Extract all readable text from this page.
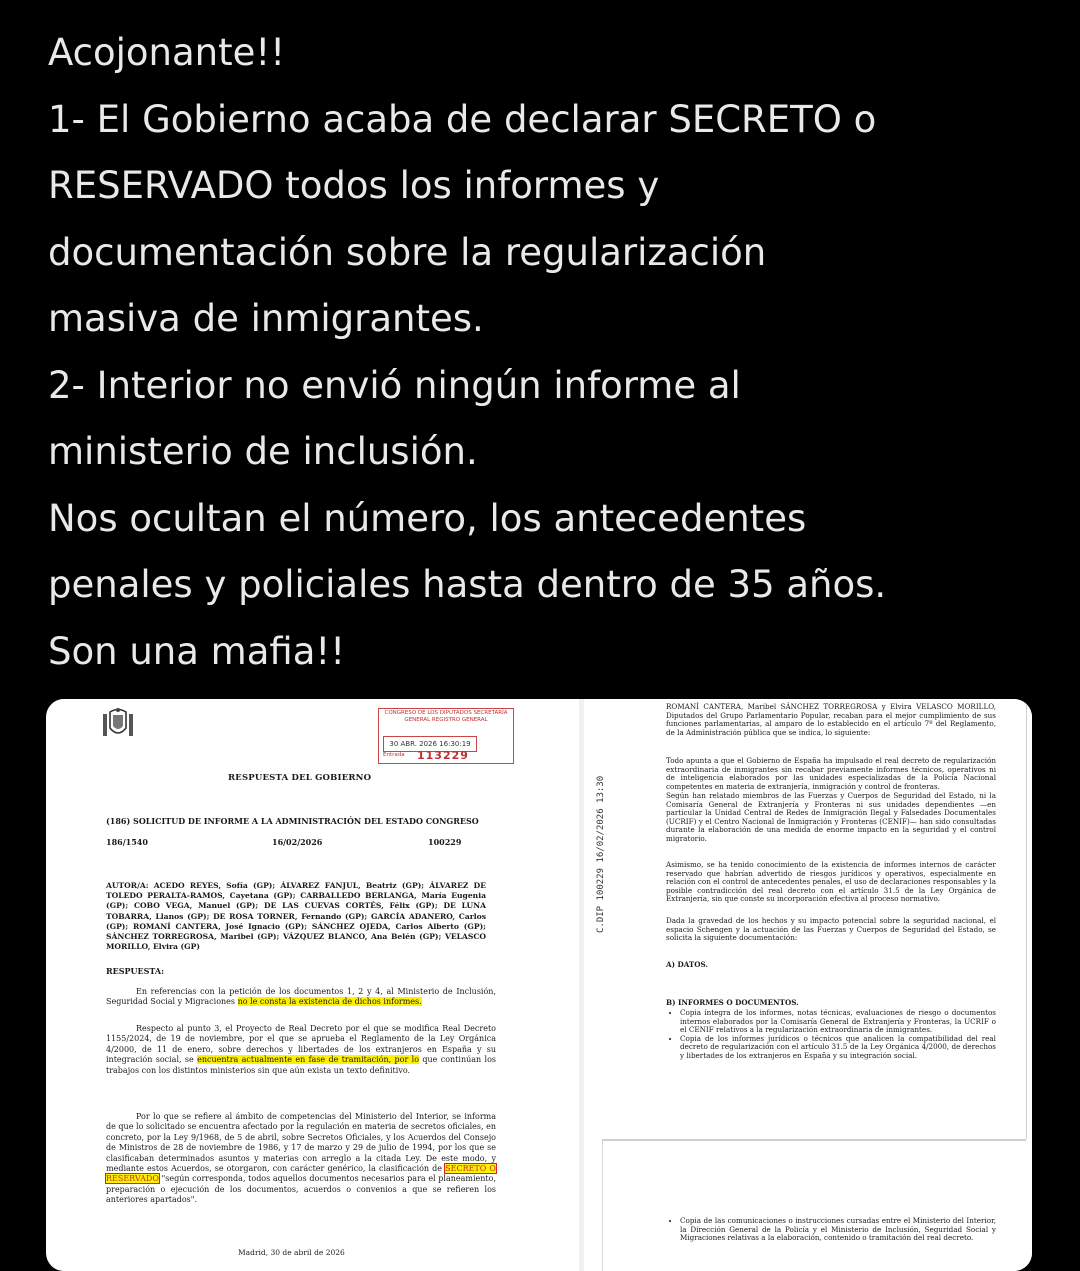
Acojonante!!

1- El Gobierno acaba de declarar SECRETO o

RESERVADO todos los informes y

documentación sobre la regularización

masiva de inmigrantes.

2- Interior no envió ningún informe al

ministerio de inclusión.

Nos ocultan el número, los antecedentes

penales y policiales hasta dentro de 35 años.

Son una mafia!!

CONGRESO DE LOS DIPUTADOS SECRETARÍA GENERAL REGISTRO GENERAL
30 ABR. 2026 16:30:19
Entrada 113229
RESPUESTA DEL GOBIERNO
(186) SOLICITUD DE INFORME A LA ADMINISTRACIÓN DEL ESTADO CONGRESO
186/1540	16/02/2026	100229
AUTOR/A: ACEDO REYES, Sofía (GP); ÁLVAREZ FANJUL, Beatriz (GP); ÁLVAREZ DE TOLEDO PERALTA-RAMOS, Cayetana (GP); CARBALLEDO BERLANGA, María Eugenia (GP); COBO VEGA, Manuel (GP); DE LAS CUEVAS CORTÉS, Félix (GP); DE LUNA TOBARRA, Llanos (GP); DE ROSA TORNER, Fernando (GP); GARCÍA ADANERO, Carlos (GP); ROMANÍ CANTERA, José Ignacio (GP); SÁNCHEZ OJEDA, Carlos Alberto (GP); SÁNCHEZ TORREGROSA, Maribel (GP); VÁZQUEZ BLANCO, Ana Belén (GP); VELASCO MORILLO, Elvira (GP)
RESPUESTA:
En referencias con la petición de los documentos 1, 2 y 4, al Ministerio de Inclusión, Seguridad Social y Migraciones no le consta la existencia de dichos informes.
Respecto al punto 3, el Proyecto de Real Decreto por el que se modifica Real Decreto 1155/2024, de 19 de noviembre, por el que se aprueba el Reglamento de la Ley Orgánica 4/2000, de 11 de enero, sobre derechos y libertades de los extranjeros en España y su integración social, se encuentra actualmente en fase de tramitación, por lo que continúan los trabajos con los distintos ministerios sin que aún exista un texto definitivo.
Por lo que se refiere al ámbito de competencias del Ministerio del Interior, se informa de que lo solicitado se encuentra afectado por la regulación en materia de secretos oficiales, en concreto, por la Ley 9/1968, de 5 de abril, sobre Secretos Oficiales, y los Acuerdos del Consejo de Ministros de 28 de noviembre de 1986, y 17 de marzo y 29 de julio de 1994, por los que se clasificaban determinados asuntos y materias con arreglo a la citada Ley. De este modo, y mediante estos Acuerdos, se otorgaron, con carácter genérico, la clasificación de SECRETO O RESERVADO "según corresponda, todos aquellos documentos necesarios para el planeamiento, preparación o ejecución de los documentos, acuerdos o convenios a que se refieren los anteriores apartados".
Madrid, 30 de abril de 2026
C.DIP 100229 16/02/2026 13:30
ROMANÍ CANTERA, Maribel SÁNCHEZ TORREGROSA y Elvira VELASCO MORILLO, Diputados del Grupo Parlamentario Popular, recaban para el mejor cumplimiento de sus funciones parlamentarias, al amparo de lo establecido en el artículo 7º del Reglamento, de la Administración pública que se indica, lo siguiente:
Todo apunta a que el Gobierno de España ha impulsado el real decreto de regularización extraordinaria de inmigrantes sin recabar previamente informes técnicos, operativos ni de inteligencia elaborados por las unidades especializadas de la Policía Nacional competentes en materia de extranjería, inmigración y control de fronteras.
Según han relatado miembros de las Fuerzas y Cuerpos de Seguridad del Estado, ni la Comisaría General de Extranjería y Fronteras ni sus unidades dependientes —en particular la Unidad Central de Redes de Inmigración Ilegal y Falsedades Documentales (UCRIF) y el Centro Nacional de Inmigración y Fronteras (CENIF)— han sido consultadas durante la elaboración de una medida de enorme impacto en la seguridad y el control migratorio.
Asimismo, se ha tenido conocimiento de la existencia de informes internos de carácter reservado que habrían advertido de riesgos jurídicos y operativos, especialmente en relación con el control de antecedentes penales, el uso de declaraciones responsables y la posible contradicción del real decreto con el artículo 31.5 de la Ley Orgánica de Extranjería, sin que conste su incorporación efectiva al proceso normativo.
Dada la gravedad de los hechos y su impacto potencial sobre la seguridad nacional, el espacio Schengen y la actuación de las Fuerzas y Cuerpos de Seguridad del Estado, se solicita la siguiente documentación:
A) DATOS.
B) INFORMES O DOCUMENTOS.
• Copia íntegra de los informes, notas técnicas, evaluaciones de riesgo o documentos internos elaborados por la Comisaría General de Extranjería y Fronteras, la UCRIF o el CENIF relativos a la regularización extraordinaria de inmigrantes.
• Copia de los informes jurídicos o técnicos que analicen la compatibilidad del real decreto de regularización con el artículo 31.5 de la Ley Orgánica 4/2000, de derechos y libertades de los extranjeros en España y su integración social.
• Copia de las comunicaciones o instrucciones cursadas entre el Ministerio del Interior, la Dirección General de la Policía y el Ministerio de Inclusión, Seguridad Social y Migraciones relativas a la elaboración, contenido o tramitación del real decreto.
